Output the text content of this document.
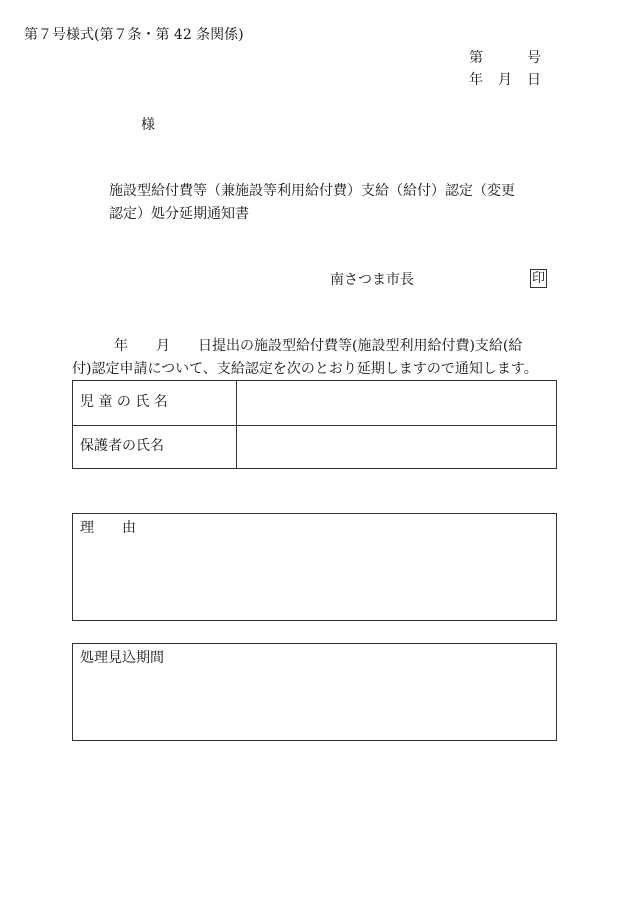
第７号様式(第７条・第 42 条関係)
第	号
年 月 日
様
施設型給付費等（兼施設等利用給付費）支給（給付）認定（変更
認定）処分延期通知書
南さつま市長	印
年　　月　　日提出の施設型給付費等(施設型利用給付費)支給(給
付)認定申請について、支給認定を次のとおり延期しますので通知します。
児 童 の 氏 名
保護者の氏名
理　　由
処理見込期間
